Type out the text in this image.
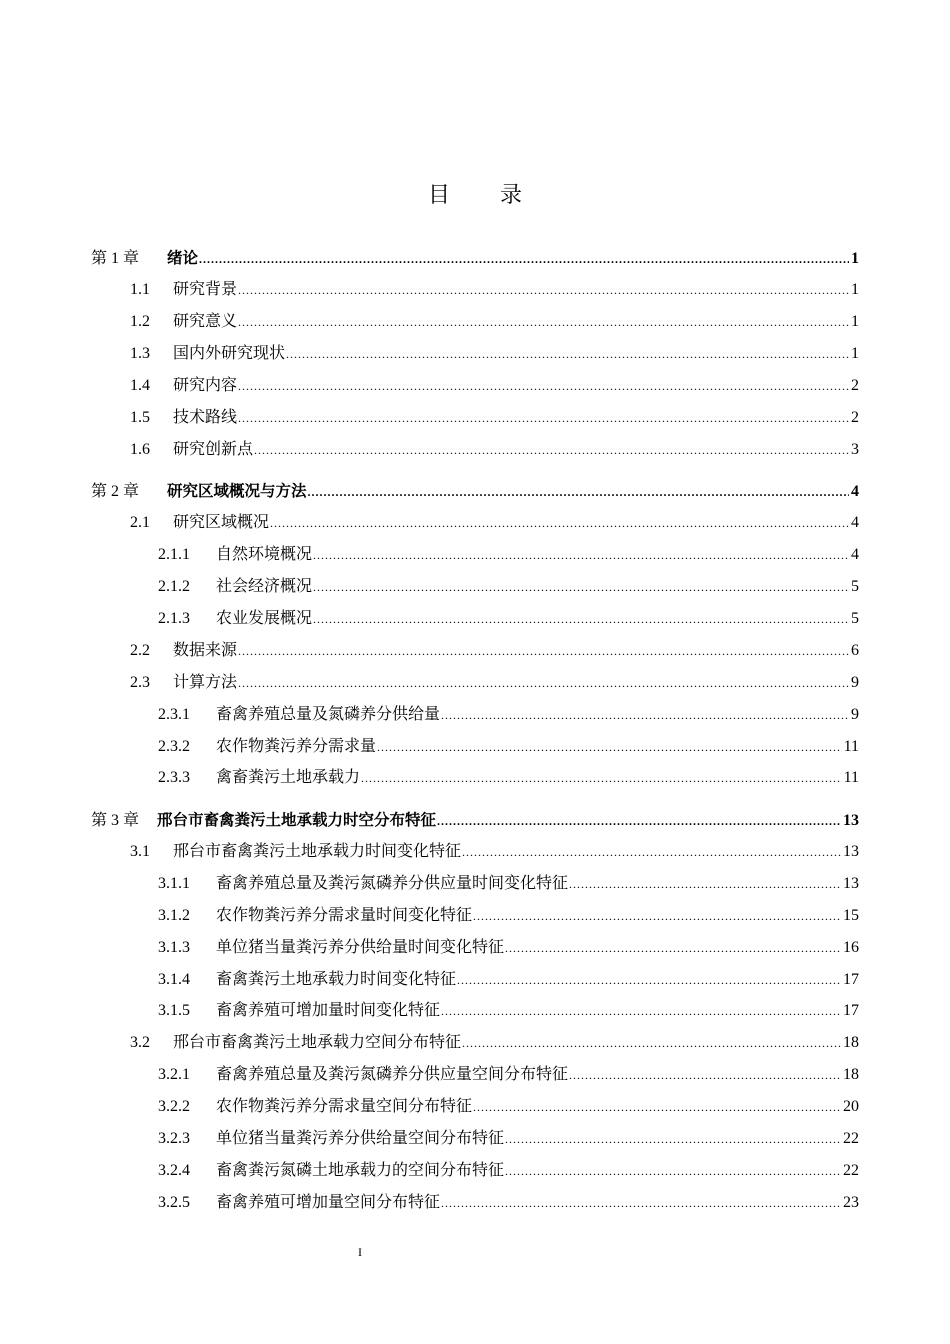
目 录
第 1 章	绪论 .....	1
1.1	研究背景 .....	1
1.2	研究意义 .....	1
1.3	国内外研究现状 .....	1
1.4	研究内容 .....	2
1.5	技术路线 .....	2
1.6	研究创新点 .....	3
第 2 章	研究区域概况与方法 .....	4
2.1	研究区域概况 .....	4
2.1.1	自然环境概况 .....	4
2.1.2	社会经济概况 .....	5
2.1.3	农业发展概况 .....	5
2.2	数据来源 .....	6
2.3	计算方法 .....	9
2.3.1	畜禽养殖总量及氮磷养分供给量 .....	9
2.3.2	农作物粪污养分需求量 .....	11
2.3.3	禽畜粪污土地承载力 .....	11
第 3 章	邢台市畜禽粪污土地承载力时空分布特征 .....	13
3.1	邢台市畜禽粪污土地承载力时间变化特征 .....	13
3.1.1	畜禽养殖总量及粪污氮磷养分供应量时间变化特征 .....	13
3.1.2	农作物粪污养分需求量时间变化特征 .....	15
3.1.3	单位猪当量粪污养分供给量时间变化特征 .....	16
3.1.4	畜禽粪污土地承载力时间变化特征 .....	17
3.1.5	畜禽养殖可增加量时间变化特征 .....	17
3.2	邢台市畜禽粪污土地承载力空间分布特征 .....	18
3.2.1	畜禽养殖总量及粪污氮磷养分供应量空间分布特征 .....	18
3.2.2	农作物粪污养分需求量空间分布特征 .....	20
3.2.3	单位猪当量粪污养分供给量空间分布特征 .....	22
3.2.4	畜禽粪污氮磷土地承载力的空间分布特征 .....	22
3.2.5	畜禽养殖可增加量空间分布特征 .....	23
I
